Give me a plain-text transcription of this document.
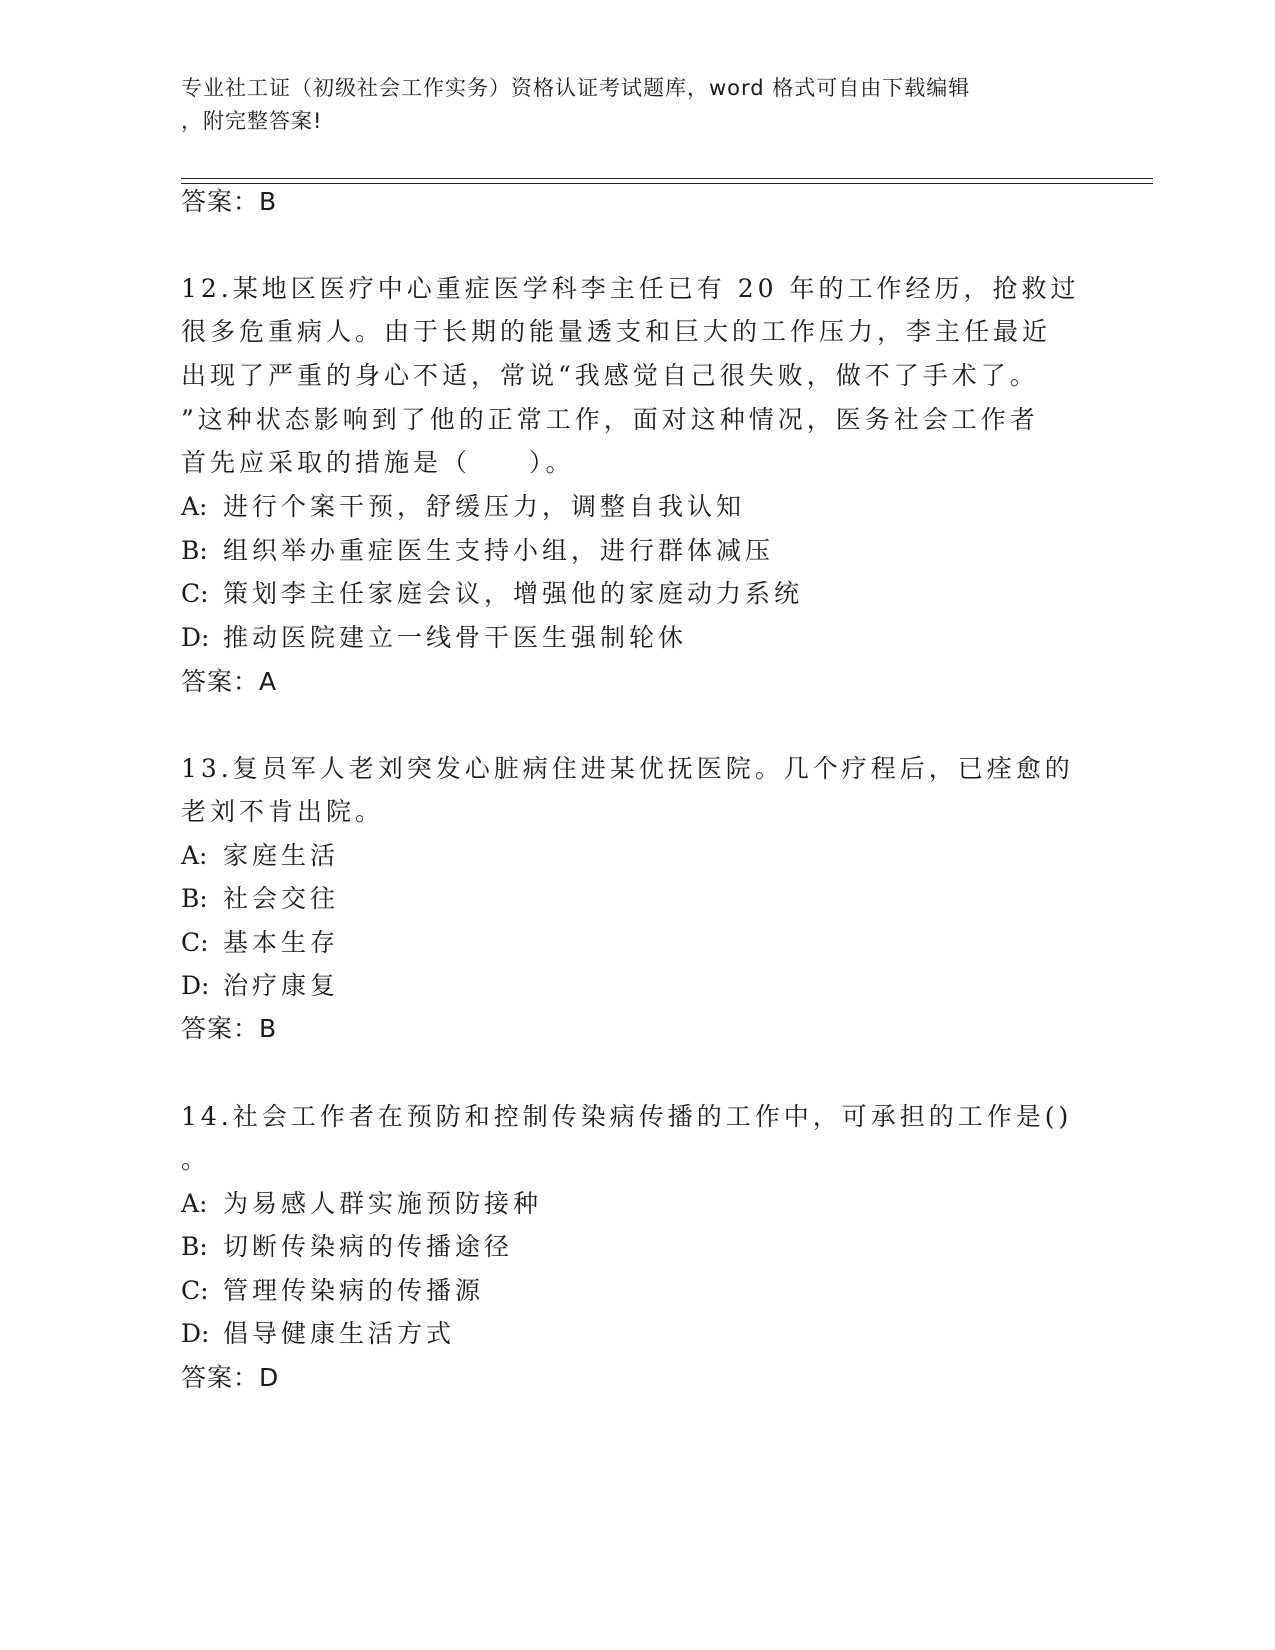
专业社工证（初级社会工作实务）资格认证考试题库，word 格式可自由下载编辑
，附完整答案!
答案：B
12.某地区医疗中心重症医学科李主任已有 20 年的工作经历，抢救过
很多危重病人。由于长期的能量透支和巨大的工作压力，李主任最近
出现了严重的身心不适，常说“我感觉自己很失败，做不了手术了。
”这种状态影响到了他的正常工作，面对这种情况，医务社会工作者
首先应采取的措施是（　　）。
A: 进行个案干预，舒缓压力，调整自我认知
B: 组织举办重症医生支持小组，进行群体减压
C: 策划李主任家庭会议，增强他的家庭动力系统
D: 推动医院建立一线骨干医生强制轮休
答案：A
13.复员军人老刘突发心脏病住进某优抚医院。几个疗程后，已痊愈的
老刘不肯出院。
A: 家庭生活
B: 社会交往
C: 基本生存
D: 治疗康复
答案：B
14.社会工作者在预防和控制传染病传播的工作中，可承担的工作是()
。
A: 为易感人群实施预防接种
B: 切断传染病的传播途径
C: 管理传染病的传播源
D: 倡导健康生活方式
答案：D
